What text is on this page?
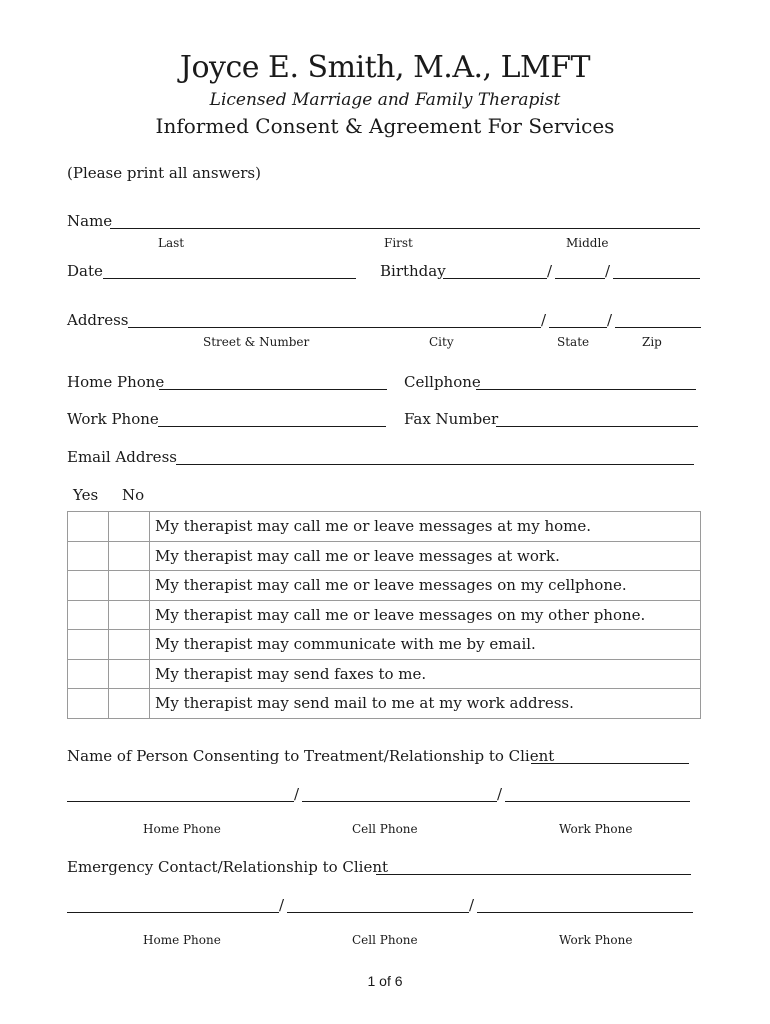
Joyce E. Smith, M.A., LMFT
Licensed Marriage and Family Therapist
Informed Consent & Agreement For Services
(Please print all answers)
Name
Last	First	Middle
Date	Birthday	/	/
Address	/	/
Street & Number	City	State	Zip
Home Phone	Cellphone
Work Phone	Fax Number
Email Address
Yes No
		My therapist may call me or leave messages at my home.
		My therapist may call me or leave messages at work.
		My therapist may call me or leave messages on my cellphone.
		My therapist may call me or leave messages on my other phone.
		My therapist may communicate with me by email.
		My therapist may send faxes to me.
		My therapist may send mail to me at my work address.
Name of Person Consenting to Treatment/Relationship to Client
/	/
Home Phone	Cell Phone	Work Phone
Emergency Contact/Relationship to Client
/	/
Home Phone	Cell Phone	Work Phone
1 of 6
